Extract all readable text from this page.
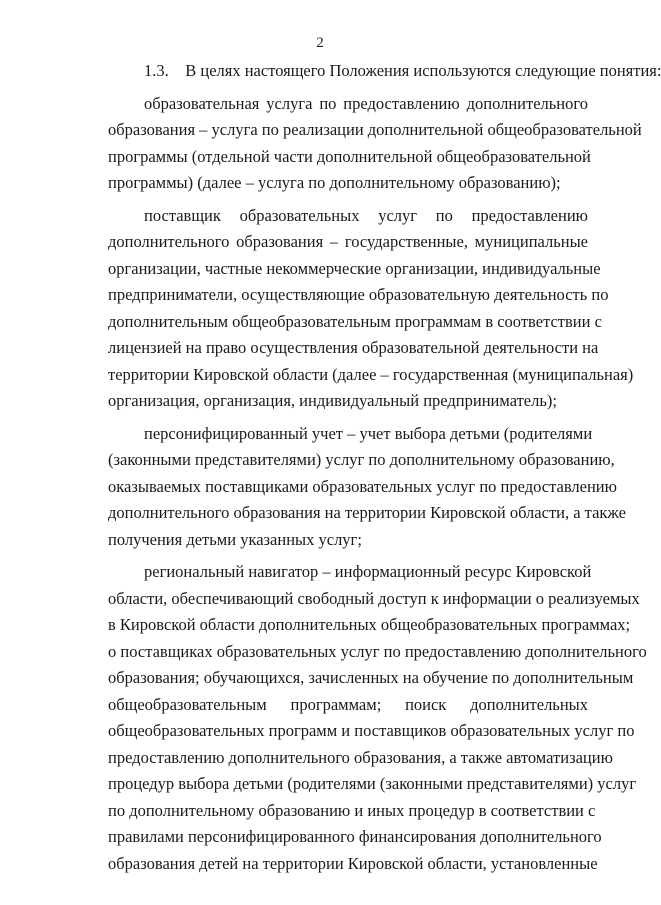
2
1.3. В целях настоящего Положения используются следующие понятия:
образовательная услуга по предоставлению дополнительного
образования – услуга по реализации дополнительной общеобразовательной
программы (отдельной части дополнительной общеобразовательной
программы) (далее – услуга по дополнительному образованию);
поставщик образовательных услуг по предоставлению
дополнительного образования – государственные, муниципальные
организации, частные некоммерческие организации, индивидуальные
предприниматели, осуществляющие образовательную деятельность по
дополнительным общеобразовательным программам в соответствии с
лицензией на право осуществления образовательной деятельности на
территории Кировской области (далее – государственная (муниципальная)
организация, организация, индивидуальный предприниматель);
персонифицированный учет – учет выбора детьми (родителями
(законными представителями) услуг по дополнительному образованию,
оказываемых поставщиками образовательных услуг по предоставлению
дополнительного образования на территории Кировской области, а также
получения детьми указанных услуг;
региональный навигатор – информационный ресурс Кировской
области, обеспечивающий свободный доступ к информации о реализуемых
в Кировской области дополнительных общеобразовательных программах;
о поставщиках образовательных услуг по предоставлению дополнительного
образования; обучающихся, зачисленных на обучение по дополнительным
общеобразовательным программам; поиск дополнительных
общеобразовательных программ и поставщиков образовательных услуг по
предоставлению дополнительного образования, а также автоматизацию
процедур выбора детьми (родителями (законными представителями) услуг
по дополнительному образованию и иных процедур в соответствии с
правилами персонифицированного финансирования дополнительного
образования детей на территории Кировской области, установленные
